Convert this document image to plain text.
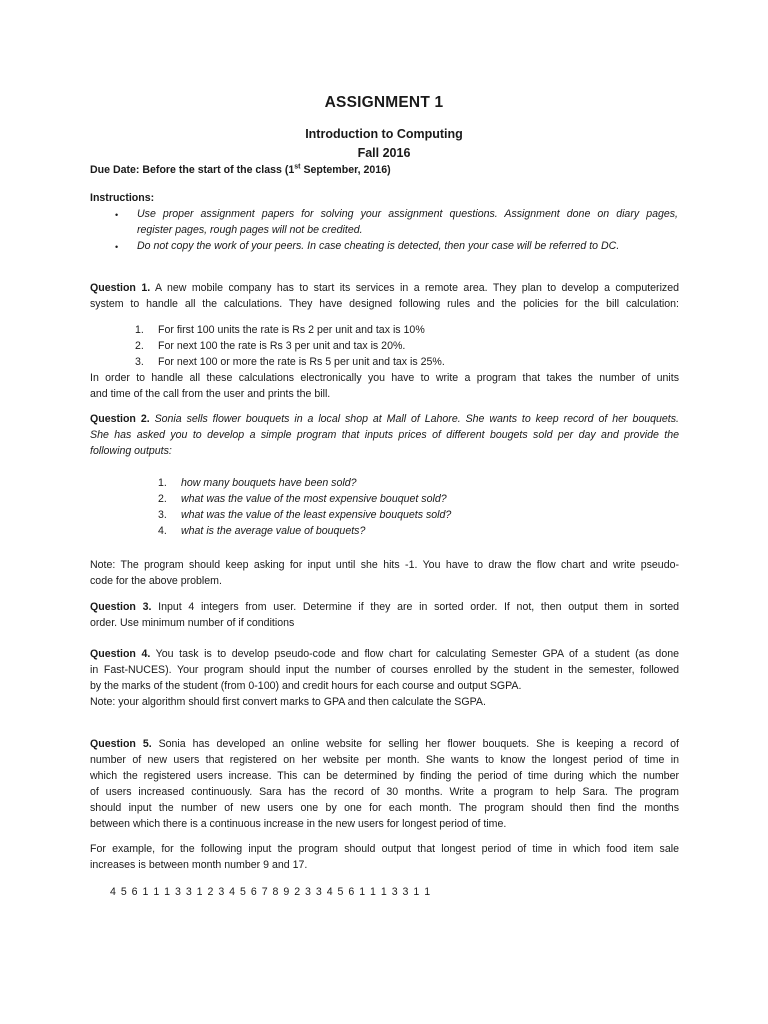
ASSIGNMENT 1
Introduction to Computing
Fall 2016
Due Date: Before the start of the class (1st September, 2016)
Instructions:
• Use proper assignment papers for solving your assignment questions. Assignment done on diary pages,
register pages, rough pages will not be credited.
• Do not copy the work of your peers. In case cheating is detected, then your case will be referred to DC.
Question 1. A new mobile company has to start its services in a remote area. They plan to develop a computerized
system to handle all the calculations. They have designed following rules and the policies for the bill calculation:
1. For first 100 units the rate is Rs 2 per unit and tax is 10%
2. For next 100 the rate is Rs 3 per unit and tax is 20%.
3. For next 100 or more the rate is Rs 5 per unit and tax is 25%.
In order to handle all these calculations electronically you have to write a program that takes the number of units
and time of the call from the user and prints the bill.
Question 2. Sonia sells flower bouquets in a local shop at Mall of Lahore. She wants to keep record of her bouquets.
She has asked you to develop a simple program that inputs prices of different bougets sold per day and provide the
following outputs:
1. how many bouquets have been sold?
2. what was the value of the most expensive bouquet sold?
3. what was the value of the least expensive bouquets sold?
4. what is the average value of bouquets?
Note: The program should keep asking for input until she hits -1. You have to draw the flow chart and write pseudo-
code for the above problem.
Question 3. Input 4 integers from user. Determine if they are in sorted order. If not, then output them in sorted
order. Use minimum number of if conditions
Question 4. You task is to develop pseudo-code and flow chart for calculating Semester GPA of a student (as done
in Fast-NUCES). Your program should input the number of courses enrolled by the student in the semester, followed
by the marks of the student (from 0-100) and credit hours for each course and output SGPA.
Note: your algorithm should first convert marks to GPA and then calculate the SGPA.
Question 5. Sonia has developed an online website for selling her flower bouquets. She is keeping a record of
number of new users that registered on her website per month. She wants to know the longest period of time in
which the registered users increase. This can be determined by finding the period of time during which the number
of users increased continuously. Sara has the record of 30 months. Write a program to help Sara. The program
should input the number of new users one by one for each month. The program should then find the months
between which there is a continuous increase in the new users for longest period of time.
For example, for the following input the program should output that longest period of time in which food item sale
increases is between month number 9 and 17.
4 5 6 1 1 1 3 3 1 2 3 4 5 6 7 8 9 2 3 3 4 5 6 1 1 1 3 3 1 1
